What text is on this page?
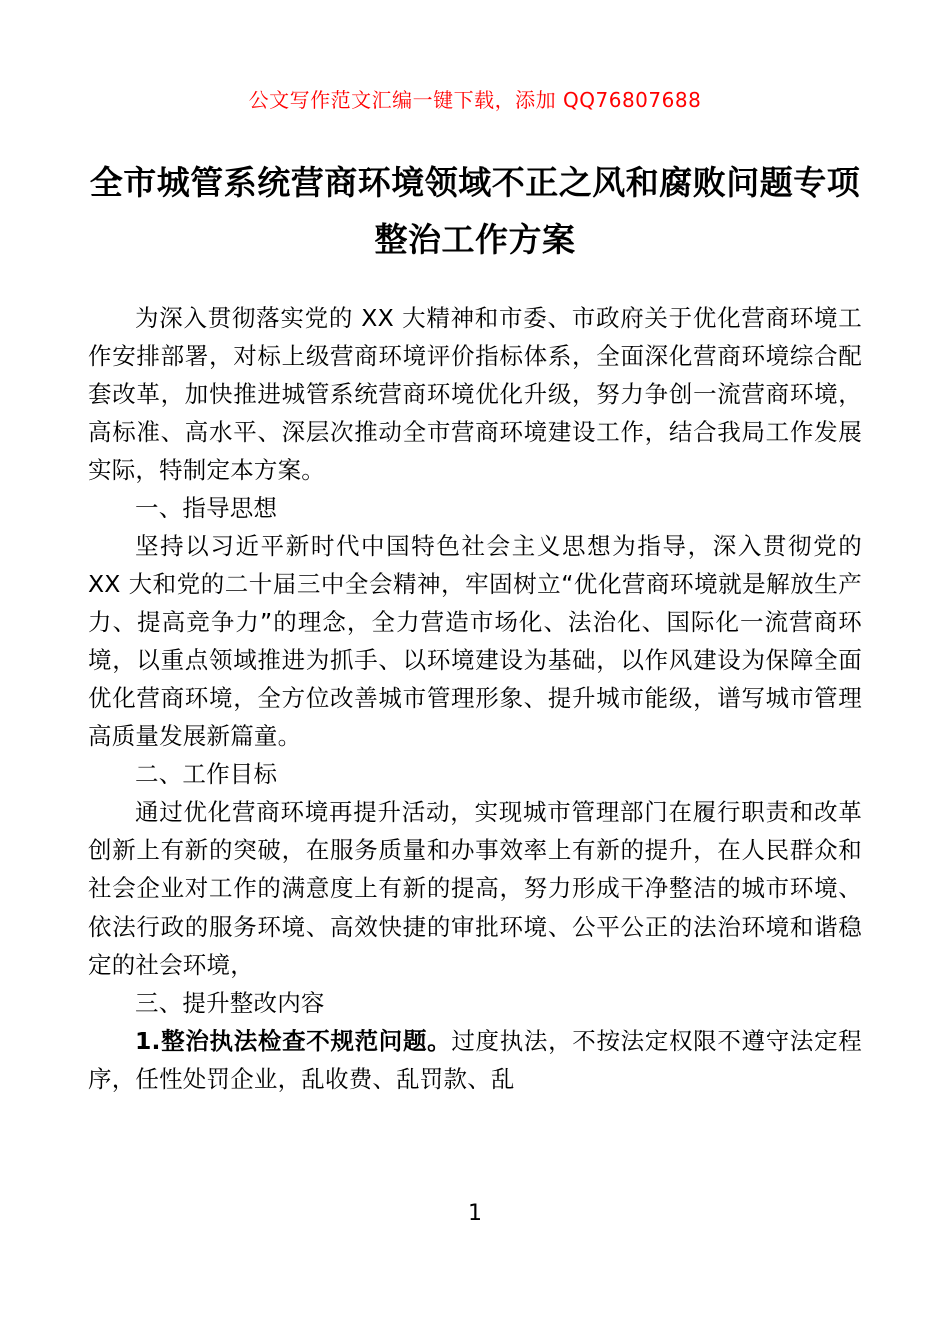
公文写作范文汇编一键下载，添加 QQ76807688
全市城管系统营商环境领域不正之风和腐败问题专项整治工作方案

为深入贯彻落实党的 XX 大精神和市委、市政府关于优化营商环境工作安排部署，对标上级营商环境评价指标体系，全面深化营商环境综合配套改革，加快推进城管系统营商环境优化升级，努力争创一流营商环境，高标准、高水平、深层次推动全市营商环境建设工作，结合我局工作发展实际，特制定本方案。

一、指导思想

坚持以习近平新时代中国特色社会主义思想为指导，深入贯彻党的 XX 大和党的二十届三中全会精神，牢固树立“优化营商环境就是解放生产力、提高竞争力”的理念，全力营造市场化、法治化、国际化一流营商环境，以重点领域推进为抓手、以环境建设为基础，以作风建设为保障全面优化营商环境，全方位改善城市管理形象、提升城市能级，谱写城市管理高质量发展新篇童。

二、工作目标

通过优化营商环境再提升活动，实现城市管理部门在履行职责和改革创新上有新的突破，在服务质量和办事效率上有新的提升，在人民群众和社会企业对工作的满意度上有新的提高，努力形成干净整洁的城市环境、依法行政的服务环境、高效快捷的审批环境、公平公正的法治环境和谐稳定的社会环境，

三、提升整改内容

1.整治执法检查不规范问题。过度执法，不按法定权限不遵守法定程序，任性处罚企业，乱收费、乱罚款、乱

1
